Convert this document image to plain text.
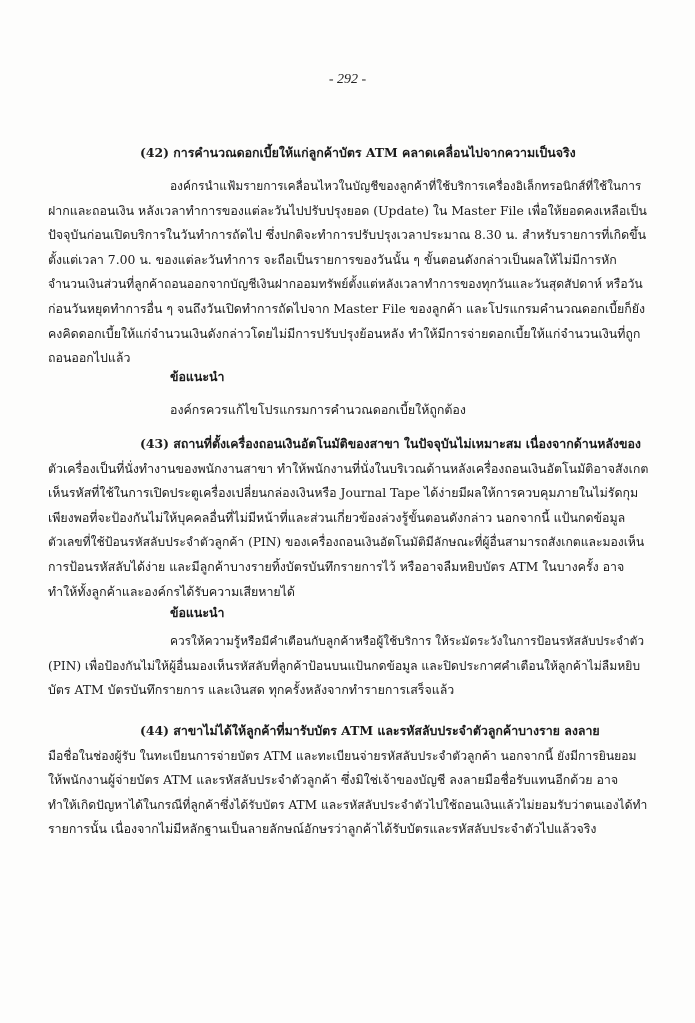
- 292 -
(42) การคำนวณดอกเบี้ยให้แก่ลูกค้าบัตร ATM คลาดเคลื่อนไปจากความเป็นจริง
องค์กรนำแฟ้มรายการเคลื่อนไหวในบัญชีของลูกค้าที่ใช้บริการเครื่องอิเล็กทรอนิกส์ที่ใช้ในการ
ฝากและถอนเงิน หลังเวลาทำการของแต่ละวันไปปรับปรุงยอด (Update) ใน Master File เพื่อให้ยอดคงเหลือเป็น
ปัจจุบันก่อนเปิดบริการในวันทำการถัดไป ซึ่งปกติจะทำการปรับปรุงเวลาประมาณ 8.30 น. สำหรับรายการที่เกิดขึ้น
ตั้งแต่เวลา 7.00 น. ของแต่ละวันทำการ จะถือเป็นรายการของวันนั้น ๆ ขั้นตอนดังกล่าวเป็นผลให้ไม่มีการหัก
จำนวนเงินส่วนที่ลูกค้าถอนออกจากบัญชีเงินฝากออมทรัพย์ตั้งแต่หลังเวลาทำการของทุกวันและวันสุดสัปดาห์ หรือวัน
ก่อนวันหยุดทำการอื่น ๆ จนถึงวันเปิดทำการถัดไปจาก Master File ของลูกค้า และโปรแกรมคำนวณดอกเบี้ยก็ยัง
คงคิดดอกเบี้ยให้แก่จำนวนเงินดังกล่าวโดยไม่มีการปรับปรุงย้อนหลัง ทำให้มีการจ่ายดอกเบี้ยให้แก่จำนวนเงินที่ถูก
ถอนออกไปแล้ว
ข้อแนะนำ
องค์กรควรแก้ไขโปรแกรมการคำนวณดอกเบี้ยให้ถูกต้อง
(43) สถานที่ตั้งเครื่องถอนเงินอัตโนมัติของสาขา ในปัจจุบันไม่เหมาะสม เนื่องจากด้านหลังของ
ตัวเครื่องเป็นที่นั่งทำงานของพนักงานสาขา ทำให้พนักงานที่นั่งในบริเวณด้านหลังเครื่องถอนเงินอัตโนมัติอาจสังเกต
เห็นรหัสที่ใช้ในการเปิดประตูเครื่องเปลี่ยนกล่องเงินหรือ Journal Tape ได้ง่ายมีผลให้การควบคุมภายในไม่รัดกุม
เพียงพอที่จะป้องกันไม่ให้บุคคลอื่นที่ไม่มีหน้าที่และส่วนเกี่ยวข้องล่วงรู้ขั้นตอนดังกล่าว นอกจากนี้ แป้นกดข้อมูล
ตัวเลขที่ใช้ป้อนรหัสลับประจำตัวลูกค้า (PIN) ของเครื่องถอนเงินอัตโนมัติมีลักษณะที่ผู้อื่นสามารถสังเกตและมองเห็น
การป้อนรหัสลับได้ง่าย และมีลูกค้าบางรายทิ้งบัตรบันทึกรายการไว้ หรืออาจลืมหยิบบัตร ATM ในบางครั้ง อาจ
ทำให้ทั้งลูกค้าและองค์กรได้รับความเสียหายได้
ข้อแนะนำ
ควรให้ความรู้หรือมีคำเตือนกับลูกค้าหรือผู้ใช้บริการ ให้ระมัดระวังในการป้อนรหัสลับประจำตัว
(PIN) เพื่อป้องกันไม่ให้ผู้อื่นมองเห็นรหัสลับที่ลูกค้าป้อนบนแป้นกดข้อมูล และปิดประกาศคำเตือนให้ลูกค้าไม่ลืมหยิบ
บัตร ATM บัตรบันทึกรายการ และเงินสด ทุกครั้งหลังจากทำรายการเสร็จแล้ว
(44) สาขาไม่ได้ให้ลูกค้าที่มารับบัตร ATM และรหัสลับประจำตัวลูกค้าบางราย ลงลาย
มือชื่อในช่องผู้รับ ในทะเบียนการจ่ายบัตร ATM และทะเบียนจ่ายรหัสลับประจำตัวลูกค้า นอกจากนี้ ยังมีการยินยอม
ให้พนักงานผู้จ่ายบัตร ATM และรหัสลับประจำตัวลูกค้า ซึ่งมิใช่เจ้าของบัญชี ลงลายมือชื่อรับแทนอีกด้วย อาจ
ทำให้เกิดปัญหาได้ในกรณีที่ลูกค้าซึ่งได้รับบัตร ATM และรหัสลับประจำตัวไปใช้ถอนเงินแล้วไม่ยอมรับว่าตนเองได้ทำ
รายการนั้น เนื่องจากไม่มีหลักฐานเป็นลายลักษณ์อักษรว่าลูกค้าได้รับบัตรและรหัสลับประจำตัวไปแล้วจริง
